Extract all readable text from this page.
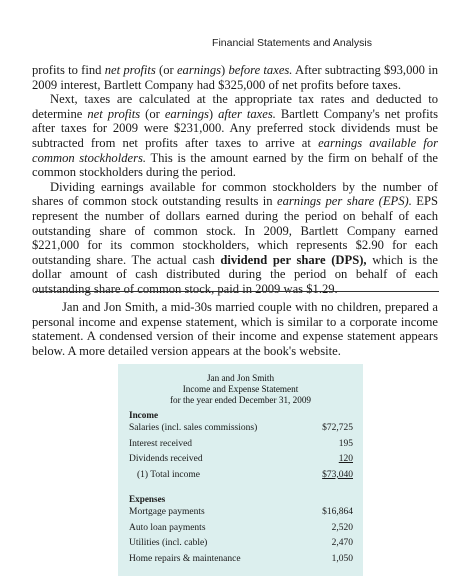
Financial Statements and Analysis

profits to find net profits (or earnings) before taxes. After subtracting $93,000 in 2009 interest, Bartlett Company had $325,000 of net profits before taxes.

Next, taxes are calculated at the appropriate tax rates and deducted to determine net profits (or earnings) after taxes. Bartlett Company's net profits after taxes for 2009 were $231,000. Any preferred stock dividends must be subtracted from net profits after taxes to arrive at earnings available for common stockholders. This is the amount earned by the firm on behalf of the common stockholders during the period.

Dividing earnings available for common stockholders by the number of shares of common stock outstanding results in earnings per share (EPS). EPS represent the number of dollars earned during the period on behalf of each outstanding share of common stock. In 2009, Bartlett Company earned $221,000 for its common stockholders, which represents $2.90 for each outstanding share. The actual cash dividend per share (DPS), which is the dollar amount of cash distributed during the period on behalf of each outstanding share of common stock, paid in 2009 was $1.29.

Jan and Jon Smith, a mid-30s married couple with no children, prepared a personal income and expense statement, which is similar to a corporate income statement. A condensed version of their income and expense statement appears below. A more detailed version appears at the book's website.

Jan and Jon Smith
Income and Expense Statement
for the year ended December 31, 2009
Income
Salaries (incl. sales commissions)	$72,725
Interest received	195
Dividends received	120
(1) Total income	$73,040
Expenses
Mortgage payments	$16,864
Auto loan payments	2,520
Utilities (incl. cable)	2,470
Home repairs & maintenance	1,050
